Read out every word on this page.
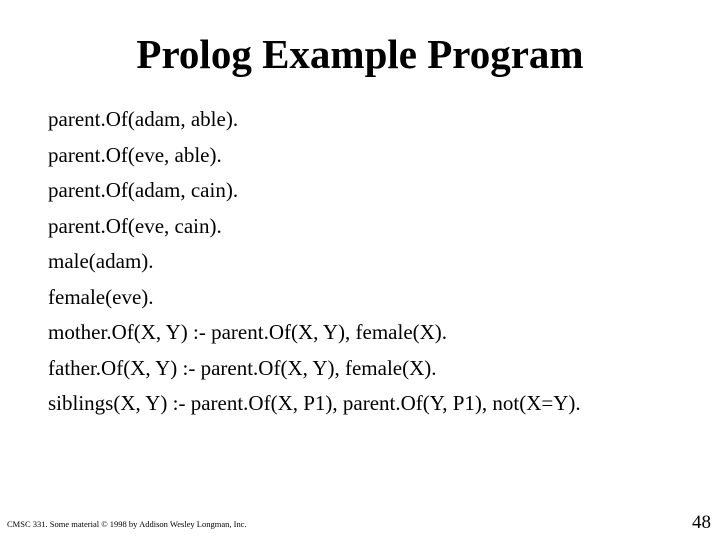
Prolog Example Program
parent.Of(adam, able).
parent.Of(eve, able).
parent.Of(adam, cain).
parent.Of(eve, cain).
male(adam).
female(eve).
mother.Of(X, Y) :- parent.Of(X, Y), female(X).
father.Of(X, Y) :- parent.Of(X, Y), female(X).
siblings(X, Y) :- parent.Of(X, P1), parent.Of(Y, P1), not(X=Y).
CMSC 331. Some material © 1998 by Addison Wesley Longman, Inc.	48
